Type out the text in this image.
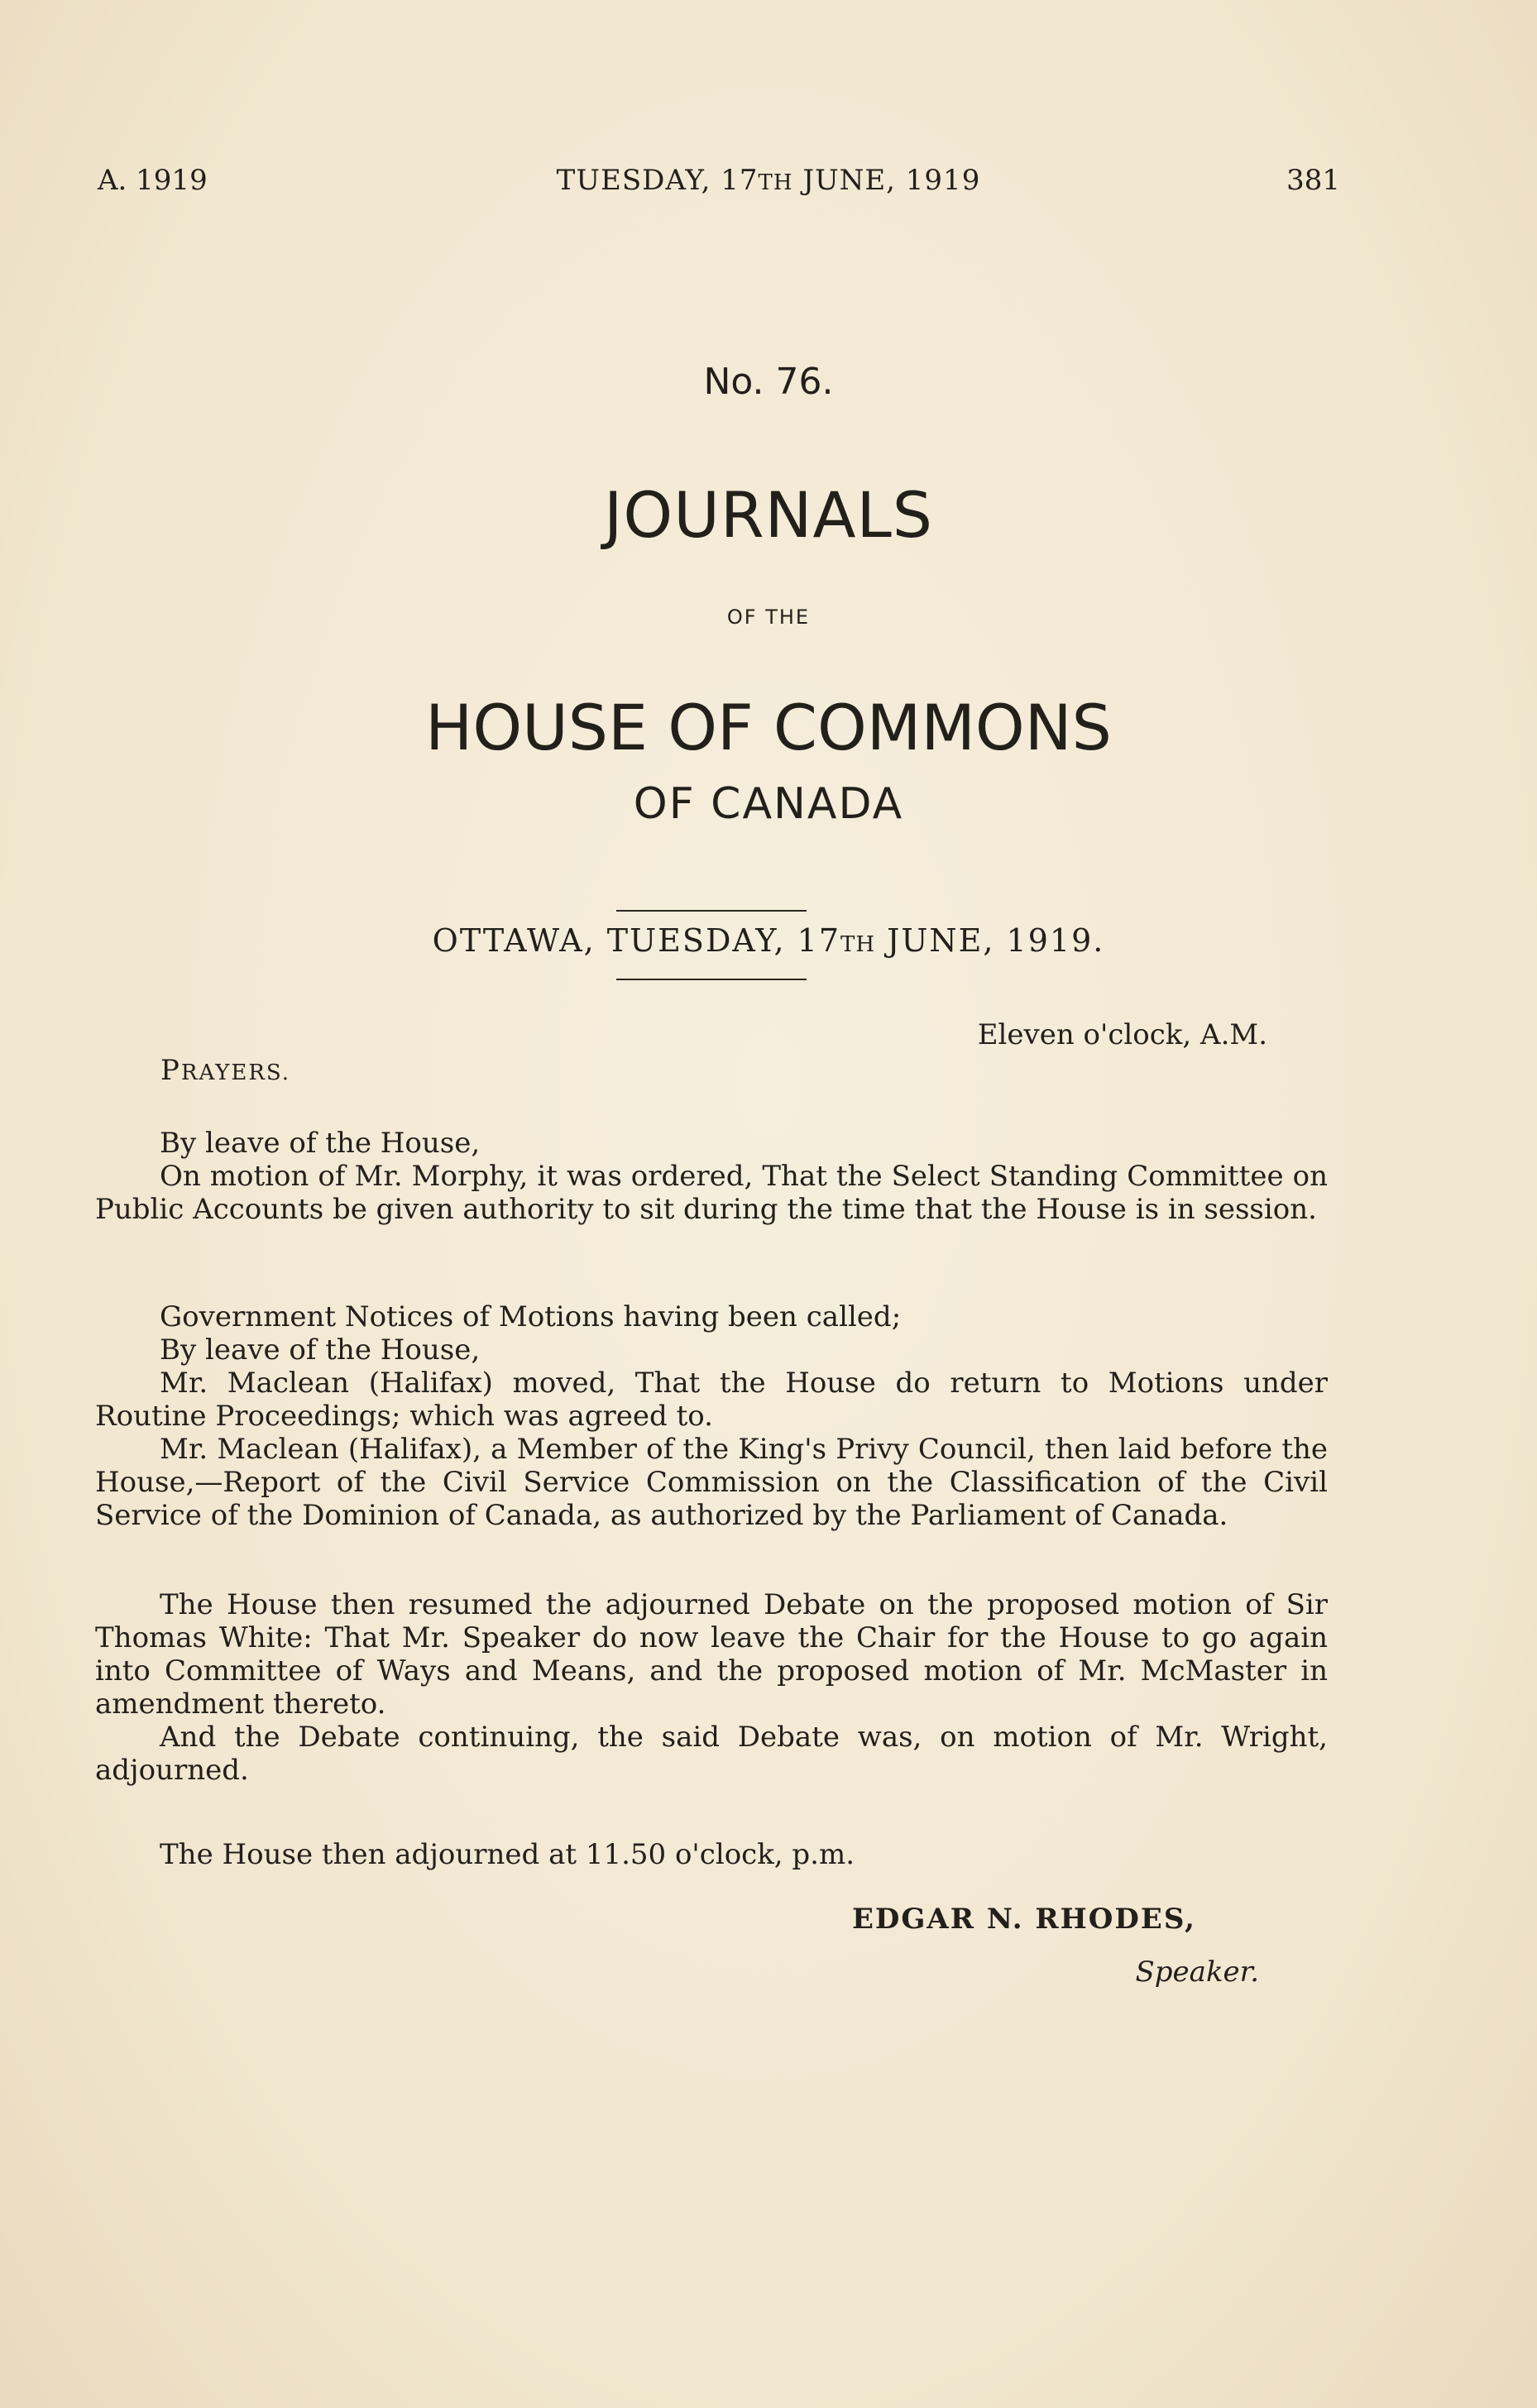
A. 1919	TUESDAY, 17TH JUNE, 1919	381
No. 76.
JOURNALS
OF THE
HOUSE OF COMMONS
OF CANADA
OTTAWA, TUESDAY, 17TH JUNE, 1919.
Eleven o'clock, A.M.
PRAYERS.

By leave of the House,

On motion of Mr. Morphy, it was ordered, That the Select Standing Committee on Public Accounts be given authority to sit during the time that the House is in session.

Government Notices of Motions having been called;

By leave of the House,

Mr. Maclean (Halifax) moved, That the House do return to Motions under Routine Proceedings; which was agreed to.

Mr. Maclean (Halifax), a Member of the King's Privy Council, then laid before the House,—Report of the Civil Service Commission on the Classification of the Civil Service of the Dominion of Canada, as authorized by the Parliament of Canada.

The House then resumed the adjourned Debate on the proposed motion of Sir Thomas White: That Mr. Speaker do now leave the Chair for the House to go again into Committee of Ways and Means, and the proposed motion of Mr. McMaster in amendment thereto.

And the Debate continuing, the said Debate was, on motion of Mr. Wright, adjourned.

The House then adjourned at 11.50 o'clock, p.m.

EDGAR N. RHODES,
Speaker.
